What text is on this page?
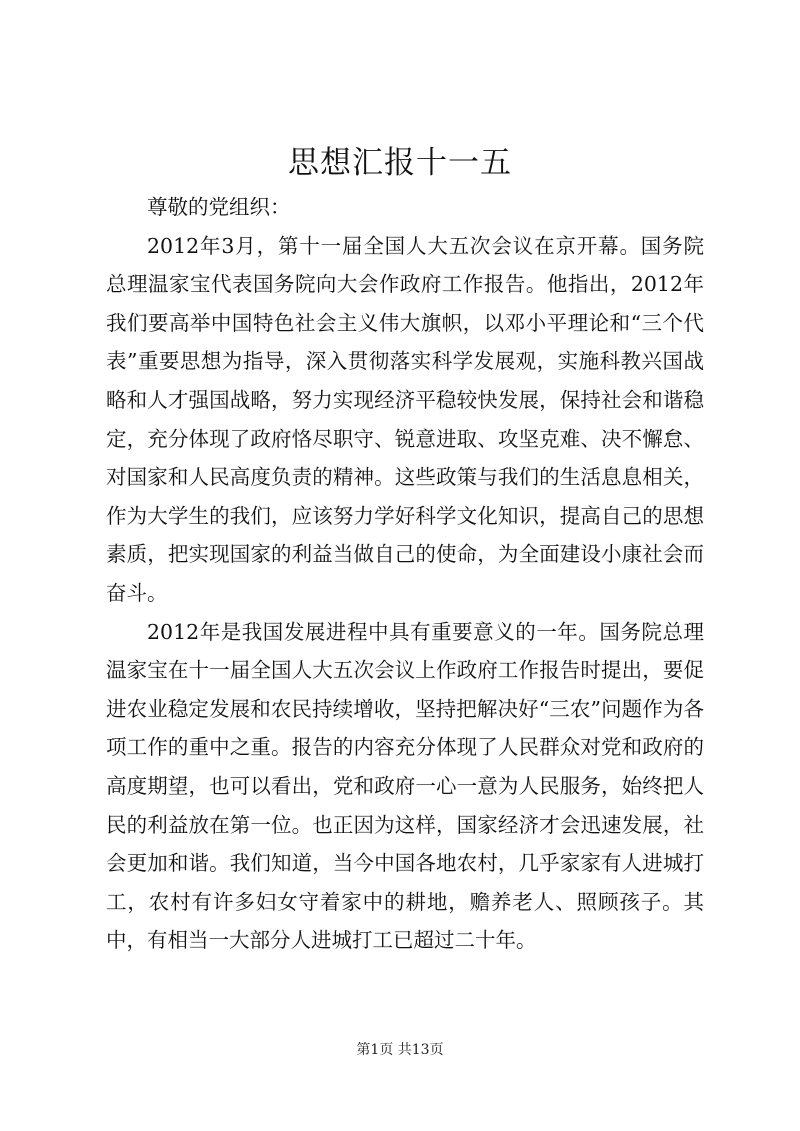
思想汇报十一五

尊敬的党组织：

2012年3月，第十一届全国人大五次会议在京开幕。国务院总理温家宝代表国务院向大会作政府工作报告。他指出，2012年我们要高举中国特色社会主义伟大旗帜，以邓小平理论和“三个代表”重要思想为指导，深入贯彻落实科学发展观，实施科教兴国战略和人才强国战略，努力实现经济平稳较快发展，保持社会和谐稳定，充分体现了政府恪尽职守、锐意进取、攻坚克难、决不懈怠、对国家和人民高度负责的精神。这些政策与我们的生活息息相关，作为大学生的我们，应该努力学好科学文化知识，提高自己的思想素质，把实现国家的利益当做自己的使命，为全面建设小康社会而奋斗。

2012年是我国发展进程中具有重要意义的一年。国务院总理温家宝在十一届全国人大五次会议上作政府工作报告时提出，要促进农业稳定发展和农民持续增收，坚持把解决好“三农”问题作为各项工作的重中之重。报告的内容充分体现了人民群众对党和政府的高度期望，也可以看出，党和政府一心一意为人民服务，始终把人民的利益放在第一位。也正因为这样，国家经济才会迅速发展，社会更加和谐。我们知道，当今中国各地农村，几乎家家有人进城打工，农村有许多妇女守着家中的耕地，赡养老人、照顾孩子。其中，有相当一大部分人进城打工已超过二十年。

第1页 共13页
